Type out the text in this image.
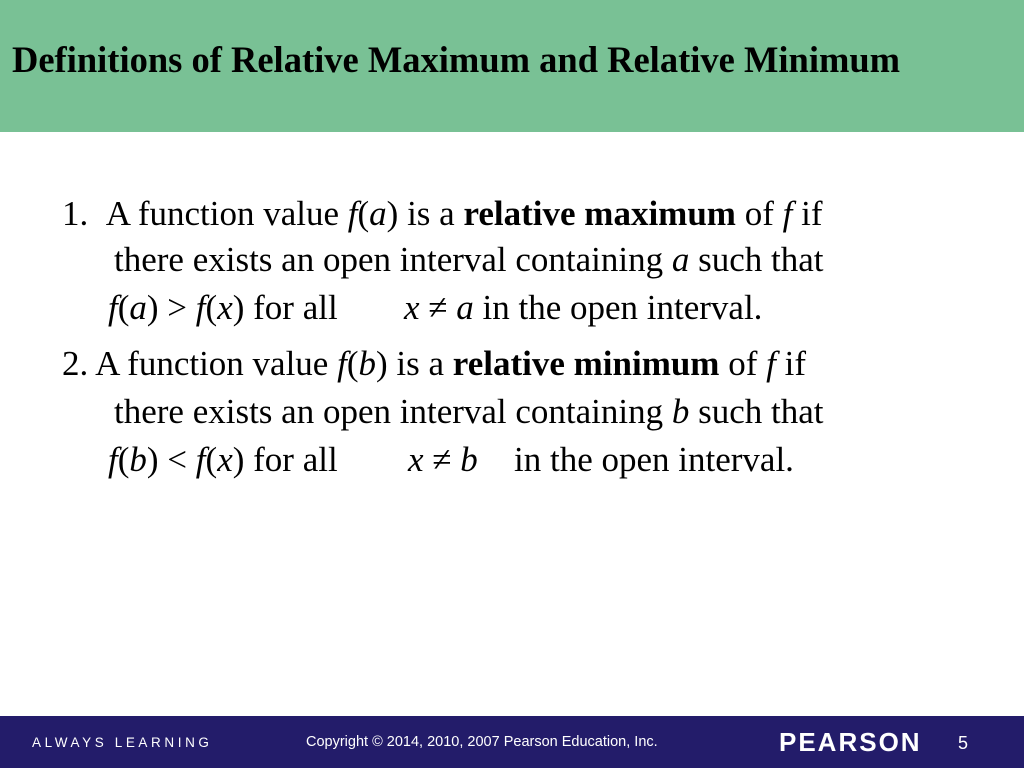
Definitions of Relative Maximum and Relative Minimum
1. A function value f(a) is a relative maximum of f if
there exists an open interval containing a such that
f(a) > f(x) for all x ≠ a in the open interval.
2. A function value f(b) is a relative minimum of f if
there exists an open interval containing b such that
f(b) < f(x) for all x ≠ b in the open interval.
ALWAYS LEARNING	Copyright © 2014, 2010, 2007 Pearson Education, Inc.	PEARSON 5
